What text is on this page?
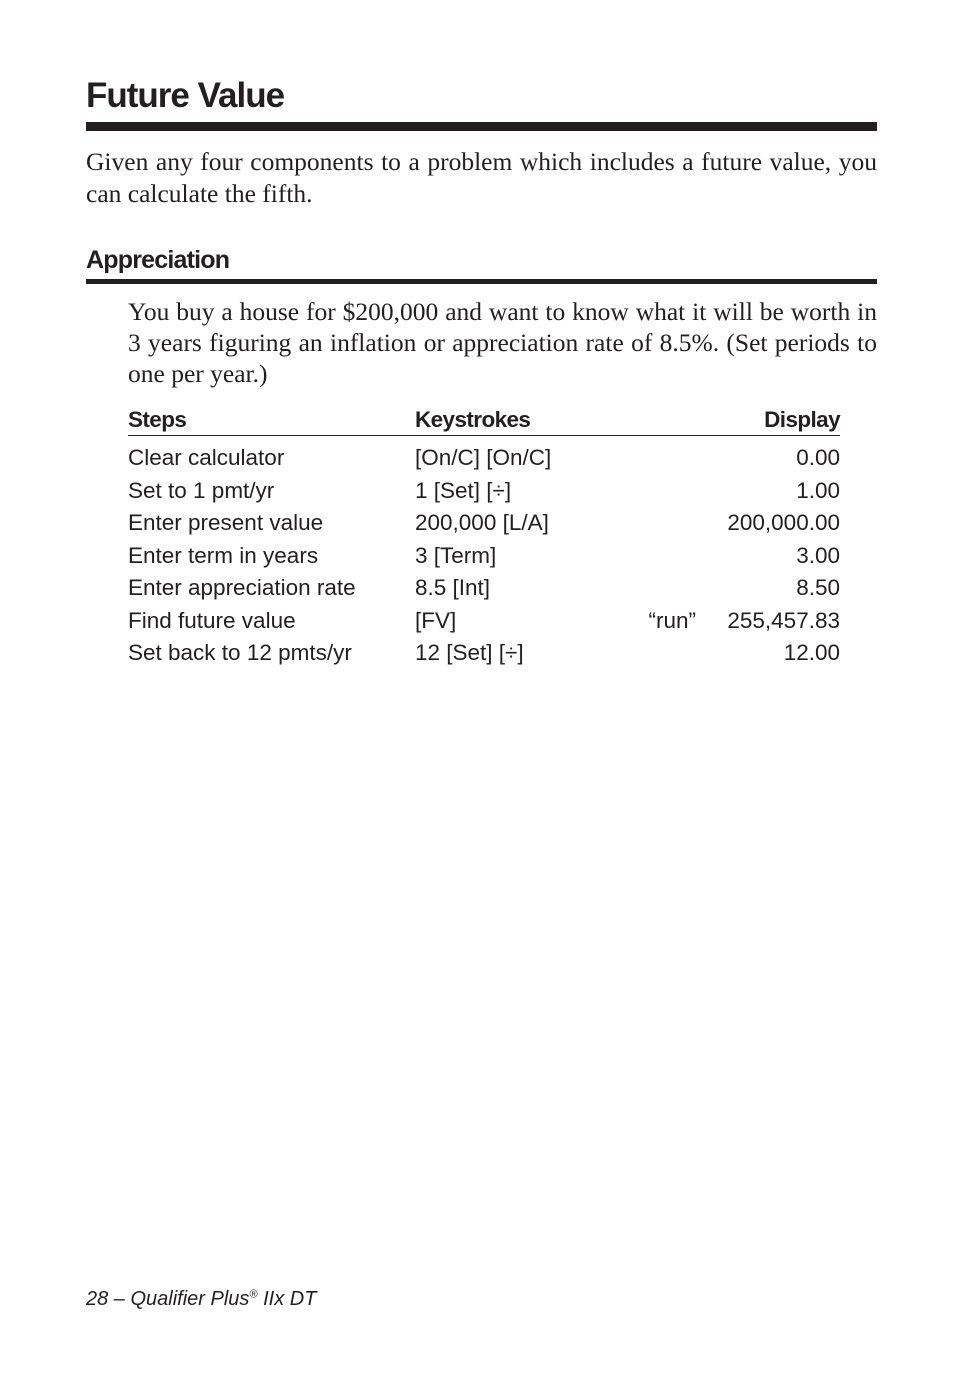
Future Value

Given any four components to a problem which includes a future value, you can calculate the fifth.

Appreciation

You buy a house for $200,000 and want to know what it will be worth in 3 years figuring an inflation or appreciation rate of 8.5%. (Set periods to one per year.)

Steps	Keystrokes	Display
Clear calculator	[On/C] [On/C]	0.00
Set to 1 pmt/yr	1 [Set] [÷]	1.00
Enter present value	200,000 [L/A]	200,000.00
Enter term in years	3 [Term]	3.00
Enter appreciation rate	8.5 [Int]	8.50
Find future value	[FV]	“run” 255,457.83
Set back to 12 pmts/yr	12 [Set] [÷]	12.00
28 – Qualifier Plus® IIx DT
